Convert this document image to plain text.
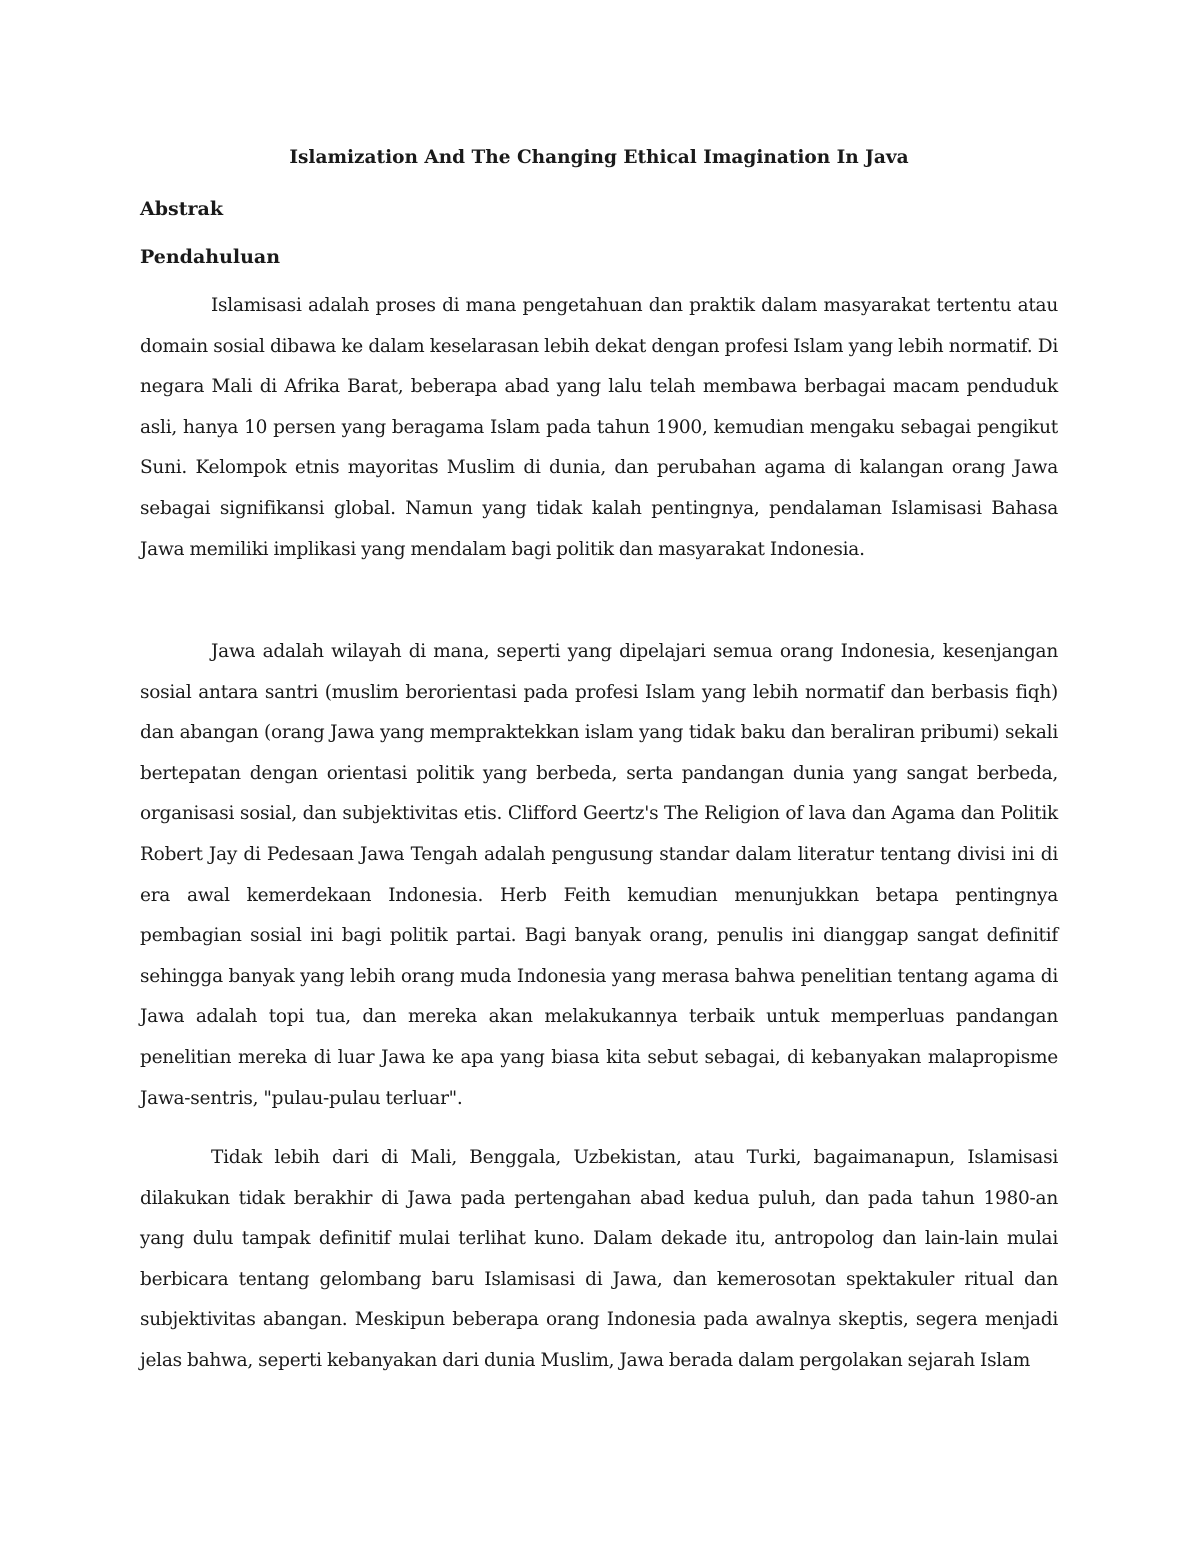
Islamization And The Changing Ethical Imagination In Java
Abstrak
Pendahuluan

Islamisasi adalah proses di mana pengetahuan dan praktik dalam masyarakat tertentu atau domain sosial dibawa ke dalam keselarasan lebih dekat dengan profesi Islam yang lebih normatif. Di negara Mali di Afrika Barat, beberapa abad yang lalu telah membawa berbagai macam penduduk asli, hanya 10 persen yang beragama Islam pada tahun 1900, kemudian mengaku sebagai pengikut Suni. Kelompok etnis mayoritas Muslim di dunia, dan perubahan agama di kalangan orang Jawa sebagai signifikansi global. Namun yang tidak kalah pentingnya, pendalaman Islamisasi Bahasa Jawa memiliki implikasi yang mendalam bagi politik dan masyarakat Indonesia.

Jawa adalah wilayah di mana, seperti yang dipelajari semua orang Indonesia, kesenjangan sosial antara santri (muslim berorientasi pada profesi Islam yang lebih normatif dan berbasis fiqh) dan abangan (orang Jawa yang mempraktekkan islam yang tidak baku dan beraliran pribumi) sekali bertepatan dengan orientasi politik yang berbeda, serta pandangan dunia yang sangat berbeda, organisasi sosial, dan subjektivitas etis. Clifford Geertz's The Religion of lava dan Agama dan Politik Robert Jay di Pedesaan Jawa Tengah adalah pengusung standar dalam literatur tentang divisi ini di era awal kemerdekaan Indonesia. Herb Feith kemudian menunjukkan betapa pentingnya pembagian sosial ini bagi politik partai. Bagi banyak orang, penulis ini dianggap sangat definitif sehingga banyak yang lebih orang muda Indonesia yang merasa bahwa penelitian tentang agama di Jawa adalah topi tua, dan mereka akan melakukannya terbaik untuk memperluas pandangan penelitian mereka di luar Jawa ke apa yang biasa kita sebut sebagai, di kebanyakan malapropisme Jawa-sentris, "pulau-pulau terluar".

Tidak lebih dari di Mali, Benggala, Uzbekistan, atau Turki, bagaimanapun, Islamisasi dilakukan tidak berakhir di Jawa pada pertengahan abad kedua puluh, dan pada tahun 1980-an yang dulu tampak definitif mulai terlihat kuno. Dalam dekade itu, antropolog dan lain-lain mulai berbicara tentang gelombang baru Islamisasi di Jawa, dan kemerosotan spektakuler ritual dan subjektivitas abangan. Meskipun beberapa orang Indonesia pada awalnya skeptis, segera menjadi jelas bahwa, seperti kebanyakan dari dunia Muslim, Jawa berada dalam pergolakan sejarah Islam
